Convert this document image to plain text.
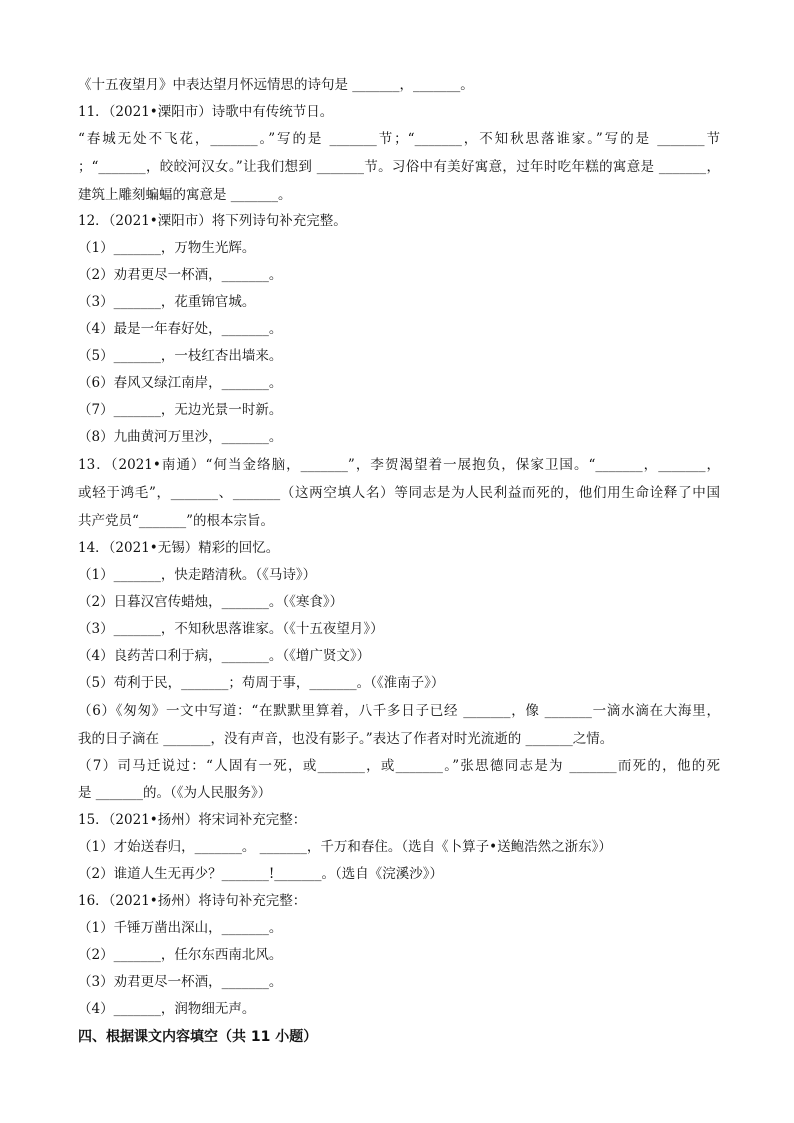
《十五夜望月》中表达望月怀远情思的诗句是 _______，_______。
11．（2021•溧阳市）诗歌中有传统节日。
“春城无处不飞花，_______。”写的是 _______节；“_______，不知秋思落谁家。”写的是 _______节
；“_______，皎皎河汉女。”让我们想到 _______节。习俗中有美好寓意，过年时吃年糕的寓意是 _______，
建筑上雕刻蝙蝠的寓意是 _______。
12．（2021•溧阳市）将下列诗句补充完整。
（1）_______，万物生光辉。
（2）劝君更尽一杯酒，_______。
（3）_______，花重锦官城。
（4）最是一年春好处，_______。
（5）_______，一枝红杏出墙来。
（6）春风又绿江南岸，_______。
（7）_______，无边光景一时新。
（8）九曲黄河万里沙，_______。
13．（2021•南通）“何当金络脑，_______”，李贺渴望着一展抱负，保家卫国。“_______，_______，
或轻于鸿毛”，_______、_______（这两空填人名）等同志是为人民利益而死的，他们用生命诠释了中国
共产党员“_______”的根本宗旨。
14．（2021•无锡）精彩的回忆。
（1）_______，快走踏清秋。（《马诗》）
（2）日暮汉宫传蜡烛，_______。（《寒食》）
（3）_______，不知秋思落谁家。（《十五夜望月》）
（4）良药苦口利于病，_______。（《增广贤文》）
（5）苟利于民，_______；苟周于事，_______。（《淮南子》）
（6）《匆匆》一文中写道：“在默默里算着，八千多日子已经 _______，像 _______一滴水滴在大海里，
我的日子滴在 _______，没有声音，也没有影子。”表达了作者对时光流逝的 _______之情。
（7）司马迁说过：“人固有一死，或_______，或_______。”张思德同志是为 _______而死的，他的死
是 _______的。（《为人民服务》）
15．（2021•扬州）将宋词补充完整：
（1）才始送春归，_______。 _______，千万和春住。（选自《卜算子•送鲍浩然之浙东》）
（2）谁道人生无再少？_______!_______。（选自《浣溪沙》）
16．（2021•扬州）将诗句补充完整：
（1）千锤万凿出深山，_______。
（2）_______，任尔东西南北风。
（3）劝君更尽一杯酒，_______。
（4）_______，润物细无声。
四、根据课文内容填空（共 11 小题）
